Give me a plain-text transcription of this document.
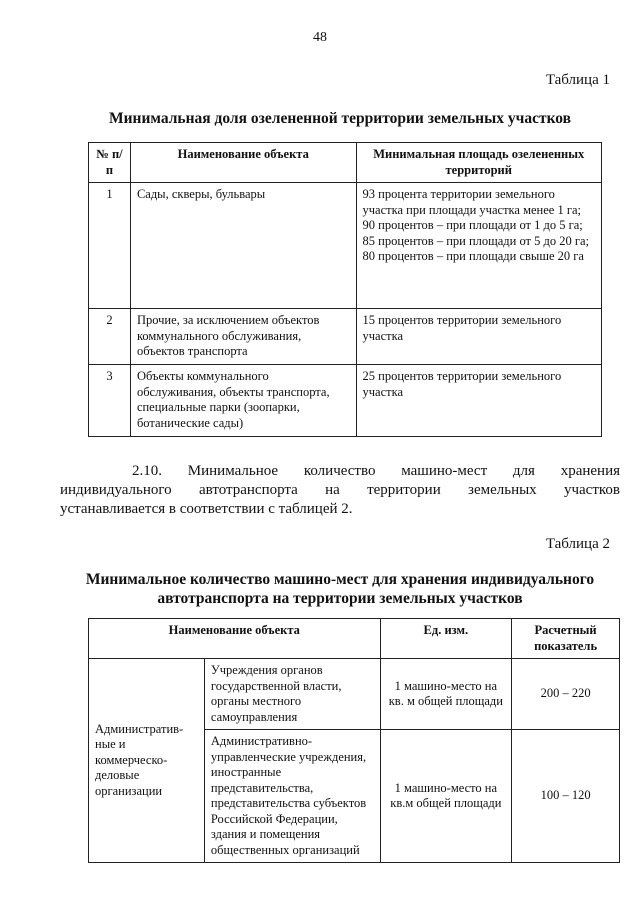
48
Таблица 1
Минимальная доля озелененной территории земельных участков
№ п/п	Наименование объекта	Минимальная площадь озелененных территорий
1	Сады, скверы, бульвары	93 процента территории земельного участка при площади участка менее 1 га;
90 процентов – при площади от 1 до 5 га;
85 процентов – при площади от 5 до 20 га;
80 процентов – при площади свыше 20 га

2	Прочие, за исключением объектов коммунального обслуживания, объектов транспорта	15 процентов территории земельного участка

3	Объекты коммунального обслуживания, объекты транспорта, специальные парки (зоопарки, ботанические сады)	25 процентов территории земельного участка

2.10. Минимальное количество машино-мест для хранения

индивидуального автотранспорта на территории земельных участков

устанавливается в соответствии с таблицей 2.

Таблица 2
Минимальное количество машино-мест для хранения индивидуального автотранспорта на территории земельных участков
Наименование объекта		Ед. изм.	Расчетный показатель
Административ-ные и коммерческо-деловые организации	Учреждения органов государственной власти, органы местного самоуправления	1 машино-место на кв. м общей площади	200 – 220
	Административно-управленческие учреждения, иностранные представительства, представительства субъектов Российской Федерации, здания и помещения общественных организаций	1 машино-место на кв.м общей площади	100 – 120
